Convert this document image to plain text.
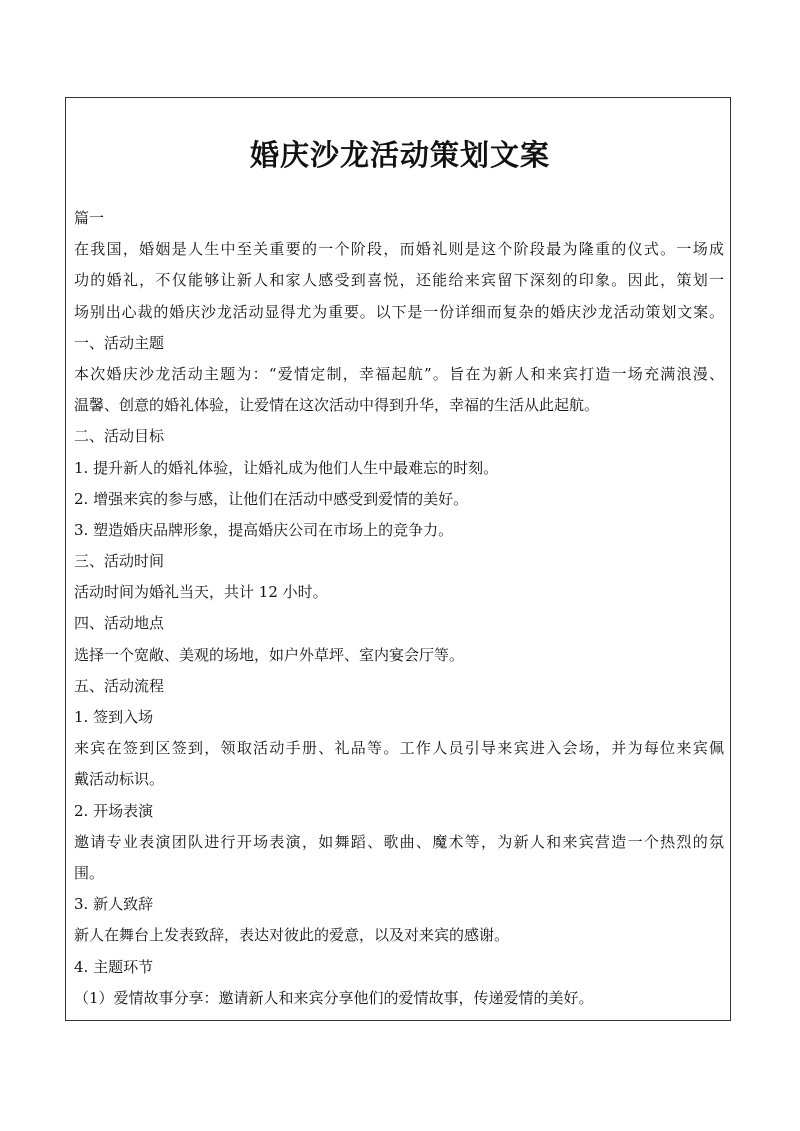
婚庆沙龙活动策划文案
篇一
在我国，婚姻是人生中至关重要的一个阶段，而婚礼则是这个阶段最为隆重的仪式。一场成
功的婚礼，不仅能够让新人和家人感受到喜悦，还能给来宾留下深刻的印象。因此，策划一
场别出心裁的婚庆沙龙活动显得尤为重要。以下是一份详细而复杂的婚庆沙龙活动策划文案。
一、活动主题
本次婚庆沙龙活动主题为：“爱情定制，幸福起航”。旨在为新人和来宾打造一场充满浪漫、
温馨、创意的婚礼体验，让爱情在这次活动中得到升华，幸福的生活从此起航。
二、活动目标
1. 提升新人的婚礼体验，让婚礼成为他们人生中最难忘的时刻。
2. 增强来宾的参与感，让他们在活动中感受到爱情的美好。
3. 塑造婚庆品牌形象，提高婚庆公司在市场上的竞争力。
三、活动时间
活动时间为婚礼当天，共计 12 小时。
四、活动地点
选择一个宽敞、美观的场地，如户外草坪、室内宴会厅等。
五、活动流程
1. 签到入场
来宾在签到区签到，领取活动手册、礼品等。工作人员引导来宾进入会场，并为每位来宾佩
戴活动标识。
2. 开场表演
邀请专业表演团队进行开场表演，如舞蹈、歌曲、魔术等，为新人和来宾营造一个热烈的氛
围。
3. 新人致辞
新人在舞台上发表致辞，表达对彼此的爱意，以及对来宾的感谢。
4. 主题环节
（1）爱情故事分享：邀请新人和来宾分享他们的爱情故事，传递爱情的美好。
